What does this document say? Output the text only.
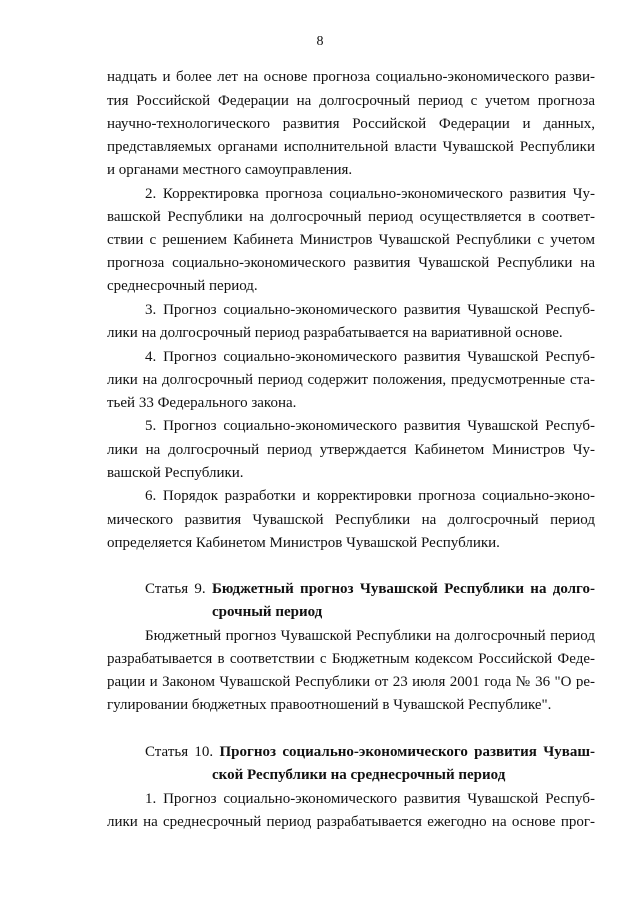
8
надцать и более лет на основе прогноза социально-экономического разви-
тия Российской Федерации на долгосрочный период с учетом прогноза
научно-технологического развития Российской Федерации и данных,
представляемых органами исполнительной власти Чувашской Республики
и органами местного самоуправления.
2. Корректировка прогноза социально-экономического развития Чу-
вашской Республики на долгосрочный период осуществляется в соответ-
ствии с решением Кабинета Министров Чувашской Республики с учетом
прогноза социально-экономического развития Чувашской Республики на
среднесрочный период.
3. Прогноз социально-экономического развития Чувашской Респуб-
лики на долгосрочный период разрабатывается на вариативной основе.
4. Прогноз социально-экономического развития Чувашской Респуб-
лики на долгосрочный период содержит положения, предусмотренные ста-
тьей 33 Федерального закона.
5. Прогноз социально-экономического развития Чувашской Респуб-
лики на долгосрочный период утверждается Кабинетом Министров Чу-
вашской Республики.
6. Порядок разработки и корректировки прогноза социально-эконо-
мического развития Чувашской Республики на долгосрочный период
определяется Кабинетом Министров Чувашской Республики.
Статья 9. Бюджетный прогноз Чувашской Республики на долго-
срочный период
Бюджетный прогноз Чувашской Республики на долгосрочный период
разрабатывается в соответствии с Бюджетным кодексом Российской Феде-
рации и Законом Чувашской Республики от 23 июля 2001 года № 36 "О ре-
гулировании бюджетных правоотношений в Чувашской Республике".
Статья 10. Прогноз социально-экономического развития Чуваш-
ской Республики на среднесрочный период
1. Прогноз социально-экономического развития Чувашской Респуб-
лики на среднесрочный период разрабатывается ежегодно на основе прог-
